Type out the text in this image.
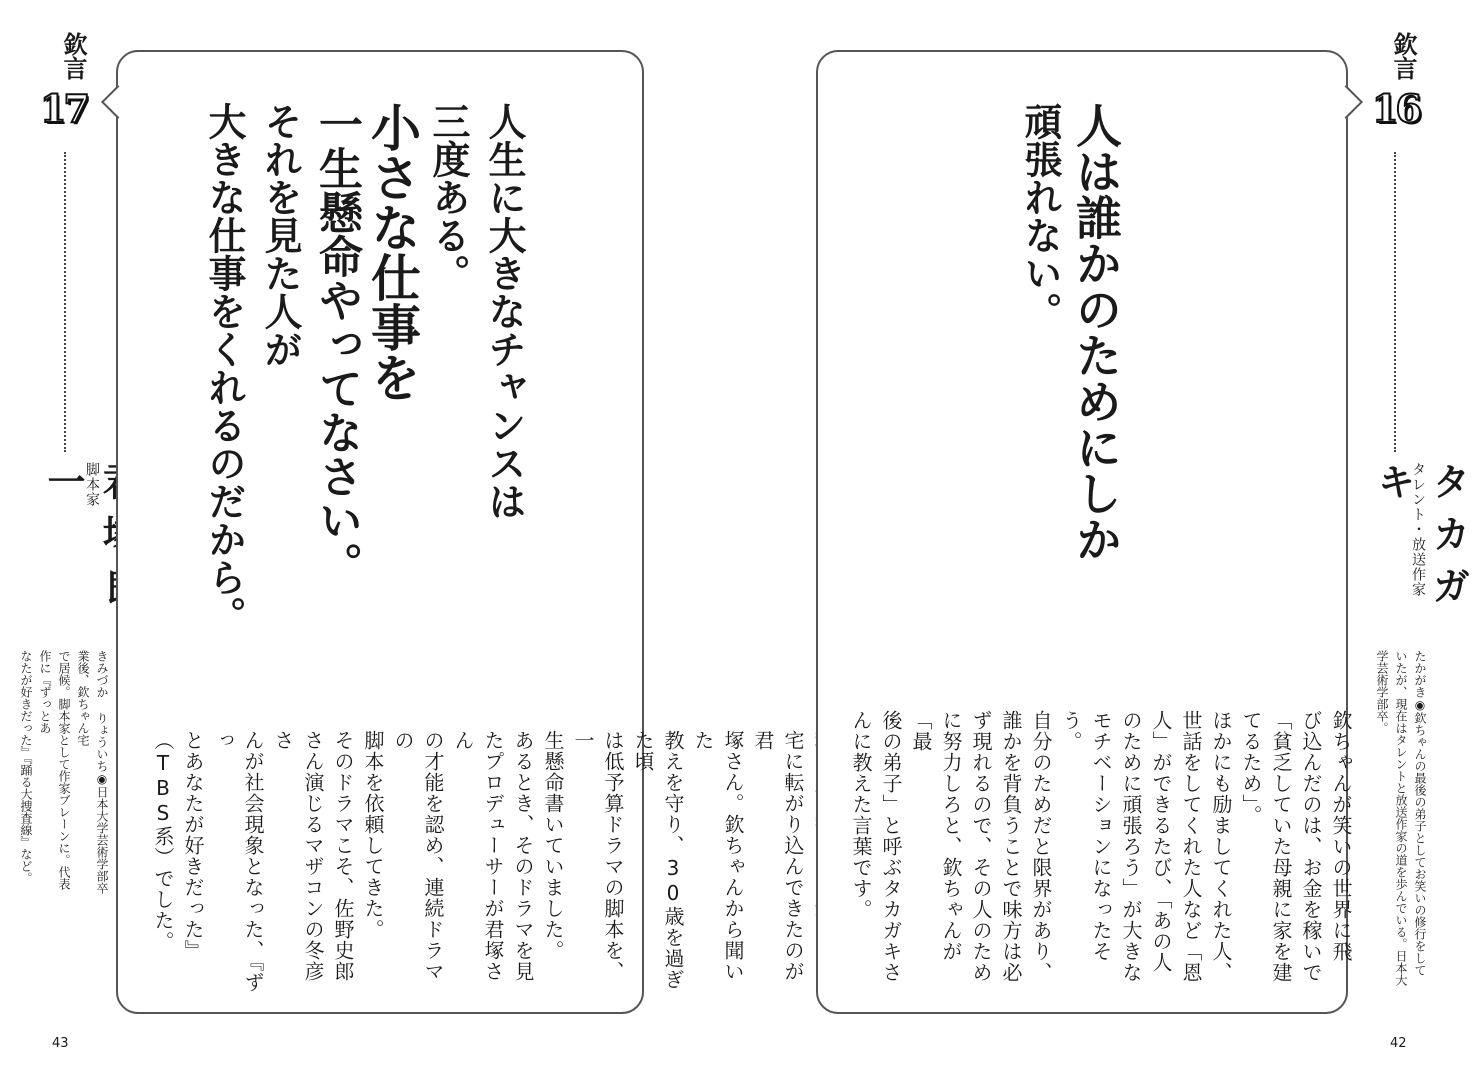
欽言
17
脚本家
一
きみづか りょういち◉日本大学芸術学部卒業後、欽ちゃん宅
で居候。脚本家として作家ブレーンに。代表作に『ずっとあ
なたが好きだった』『踊る大捜査線』など。
人生に大きなチャンスは
三度ある。
小さな仕事を
一生懸命やってなさい。
それを見た人が
大きな仕事をくれるのだから。

宅に転がり込んできたのが君
塚さん。欽ちゃんから聞いた
教えを守り、30歳を過ぎた頃
は低予算ドラマの脚本を、一
生懸命書いていました。
あるとき、そのドラマを見
たプロデューサーが君塚さん
の才能を認め、連続ドラマの
脚本を依頼してきた。
そのドラマこそ、佐野史郎
さん演じるマザコンの冬彦さ
んが社会現象となった、『ずっ
とあなたが好きだった』
（TBS系）でした。
43
欽言
16
タレント・放送作家 タカガキ
たかがき◉欽ちゃんの最後の弟子としてお笑いの修行をして
いたが、現在はタレントと放送作家の道を歩んでいる。日本大
学芸術学部卒。
人は誰かのためにしか
頑張れない。
欽ちゃんが笑いの世界に飛
び込んだのは、お金を稼いで
「貧乏していた母親に家を建
てるため」。
ほかにも励ましてくれた人、
世話をしてくれた人など「恩
人」ができるたび、「あの人
のために頑張ろう」が大きな
モチベーションになったそう。
自分のためだと限界があり、
誰かを背負うことで味方は必
ず現れるので、その人のため
に努力しろと、欽ちゃんが「最
後の弟子」と呼ぶタカガキさ
んに教えた言葉です。
42
